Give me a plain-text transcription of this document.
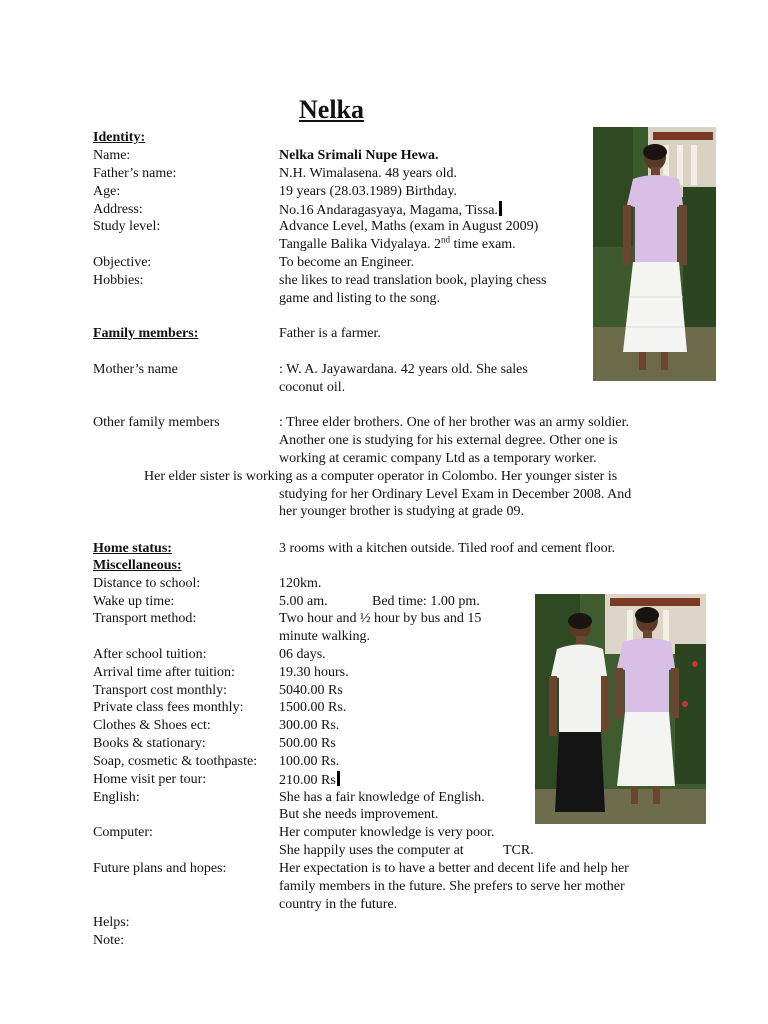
Nelka
Identity:
Name:	Nelka Srimali Nupe Hewa.
Father’s name:	N.H. Wimalasena. 48 years old.
Age:	19 years (28.03.1989) Birthday.
Address:	No.16 Andaragasyaya, Magama, Tissa.
Study level:	Advance Level, Maths (exam in August 2009)
Tangalle Balika Vidyalaya. 2nd time exam.
Objective:	To become an Engineer.
Hobbies:	she likes to read translation book, playing chess
game and listing to the song.
Family members:	Father is a farmer.
Mother’s name	: W. A. Jayawardana. 42 years old. She sales
coconut oil.
Other family members	: Three elder brothers. One of her brother was an army soldier.
Another one is studying for his external degree. Other one is
working at ceramic company Ltd as a temporary worker.
Her elder sister is working as a computer operator in Colombo. Her younger sister is
studying for her Ordinary Level Exam in December 2008. And
her younger brother is studying at grade 09.
Home status:	3 rooms with a kitchen outside. Tiled roof and cement floor.
Miscellaneous:
Distance to school:	120km.
Wake up time:	5.00 am.	Bed time: 1.00 pm.
Transport method:	Two hour and ½ hour by bus and 15
minute walking.
After school tuition:	06 days.
Arrival time after tuition:	19.30 hours.
Transport cost monthly:	5040.00 Rs
Private class fees monthly:	1500.00 Rs.
Clothes & Shoes ect:	300.00 Rs.
Books & stationary:	500.00 Rs
Soap, cosmetic & toothpaste: 100.00 Rs.
Home visit per tour:	210.00 Rs
English:	She has a fair knowledge of English.
But she needs improvement.
Computer:	Her computer knowledge is very poor.
She happily uses the computer at	TCR.
Future plans and hopes:	Her expectation is to have a better and decent life and help her
family members in the future. She prefers to serve her mother
country in the future.
Helps:
Note:
